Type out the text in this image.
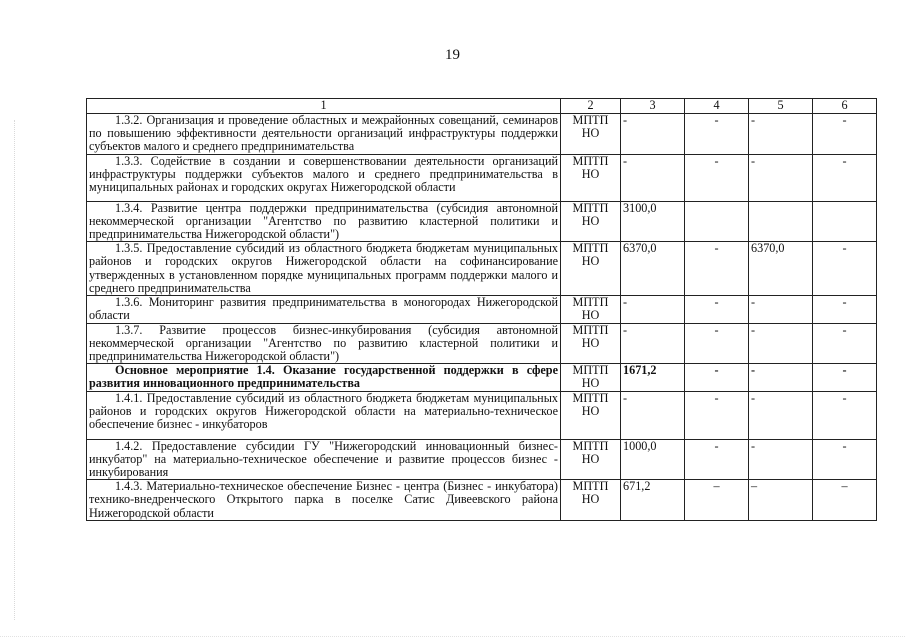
19
1	2	3	4	5	6
1.3.2. Организация и проведение областных и межрайонных совещаний, семинаров по повышению эффективности деятельности организаций инфраструктуры поддержки субъектов малого и среднего предпринимательства	МПТП НО	-	-	-	-
1.3.3. Содействие в создании и совершенствовании деятельности организаций инфраструктуры поддержки субъектов малого и среднего предпринимательства в муниципальных районах и городских округах Нижегородской области	МПТП НО	-	-	-	-
1.3.4. Развитие центра поддержки предпринимательства (субсидия автономной некоммерческой организации "Агентство по развитию кластерной политики и предпринимательства Нижегородской области")	МПТП НО	3100,0			
1.3.5. Предоставление субсидий из областного бюджета бюджетам муниципальных районов и городских округов Нижегородской области на софинансирование утвержденных в установленном порядке муниципальных программ поддержки малого и среднего предпринимательства	МПТП НО	6370,0	-	6370,0	-
1.3.6. Мониторинг развития предпринимательства в моногородах Нижегородской области	МПТП НО	-	-	-	-
1.3.7. Развитие процессов бизнес-инкубирования (субсидия автономной некоммерческой организации "Агентство по развитию кластерной политики и предпринимательства Нижегородской области")	МПТП НО	-	-	-	-
Основное мероприятие 1.4. Оказание государственной поддержки в сфере развития инновационного предпринимательства	МПТП НО	1671,2	-	-	-
1.4.1. Предоставление субсидий из областного бюджета бюджетам муниципальных районов и городских округов Нижегородской области на материально-техническое обеспечение бизнес - инкубаторов	МПТП НО	-	-	-	-
1.4.2. Предоставление субсидии ГУ "Нижегородский инновационный бизнес-инкубатор" на материально-техническое обеспечение и развитие процессов бизнес - инкубирования	МПТП НО	1000,0	-	-	-
1.4.3. Материально-техническое обеспечение Бизнес - центра (Бизнес - инкубатора) технико-внедренческого Открытого парка в поселке Сатис Дивеевского района Нижегородской области	МПТП НО	671,2	–	–	–
